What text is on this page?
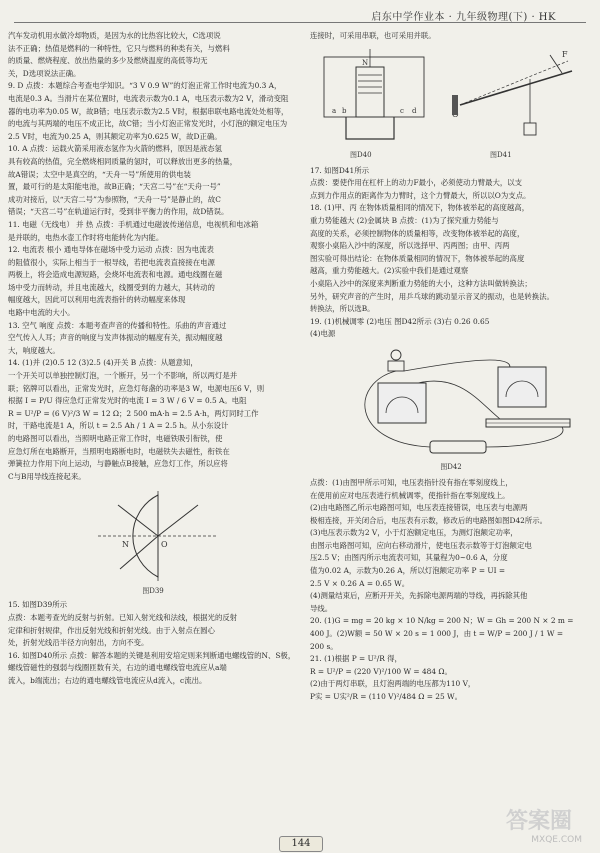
启东中学作业本 · 九年级物理(下) · HK

汽车发动机用水做冷却物质，是因为水的比热容比较大，C选项说

法不正确；热值是燃料的一种特性，它只与燃料的种类有关，与燃料

的质量、燃烧程度、放出热量的多少及燃烧温度的高低等均无

关，D选项说法正确。

9. D 点拨：本题综合考查电学知识。“3 V 0.9 W”的灯泡正常工作时电流为0.3 A，

电流是0.3 A。当滑片在某位置时，电流表示数为0.1 A，电压表示数为2 V，滑动变阻

器的电功率为0.05 W，故B错；电压表示数为2.5 V时，根据串联电路电流处处相等，

的电流与其两端的电压不成正比，故C错；当小灯泡正常发光时，小灯泡的额定电压为

2.5 V时，电流为0.25 A，则其额定功率为0.625 W，故D正确。

10. A 点拨：运载火箭采用液态氢作为火箭的燃料，原因是液态氢

具有较高的热值，完全燃烧相同质量的氢时，可以释放出更多的热量，

故A错误；太空中是真空的，“天舟一号”所使用的供电装

置，最可行的是太阳能电池，故B正确；“天宫二号”在“天舟一号”

成功对接后，以“天宫二号”为参照物，“天舟一号”是静止的，故C

错误；“天宫二号”在轨道运行时，受到非平衡力的作用，故D错误。

11. 电磁（无线电） 并 热 点拨：手机通过电磁波传递信息，电视机和电冰箱

是并联的，电热水壶工作时将电能转化为内能。

12. 电流表 根小 通电导体在磁场中受力运动 点拨：因为电流表

的阻值很小，实际上相当于一根导线，若把电流表直接接在电源

两极上，将会造成电源短路，会烧坏电流表和电源。通电线圈在磁

场中受力而转动，并且电流越大，线圈受到的力越大，其转动的

幅度越大，因此可以利用电流表指针的转动幅度来体现

电路中电流的大小。

13. 空气 响度 点拨：本题考查声音的传播和特性。乐曲的声音通过

空气传入人耳；声音的响度与发声体振动的幅度有关，振动幅度越

大，响度越大。

14. (1)并 (2)0.5 12 (3)2.5 (4)开关 B 点拨：从题意知，

一个开关可以单独控制灯泡，一个断开，另一个不影响，所以两灯是并

联；铭牌可以看出，正常发光时，应急灯每盏的功率是3 W，电源电压6 V，则

根据 I = P/U 得应急灯正常发光时的电流 I = 3 W / 6 V = 0.5 A。电阻

R = U²/P = (6 V)²/3 W = 12 Ω；2 500 mA·h = 2.5 A·h，两灯同时工作

时，干路电流是1 A，所以 t = 2.5 Ah / 1 A = 2.5 h。从小东设计

的电路图可以看出，当照明电路正常工作时，电磁铁吸引衔铁，使

应急灯所在电路断开，当照明电路断电时，电磁铁失去磁性，衔铁在

弹簧拉力作用下向上运动，与静触点B接触，应急灯工作，所以应将

C与B用导线连接起来。

N	O
图D39

15. 如图D39所示

点拨：本题考查光的反射与折射。已知入射光线和法线，根据光的反射

定律和折射规律，作出反射光线和折射光线。由于入射点在圆心

处，折射光线沿半径方向射出，方向不变。

16. 如图D40所示 点拨：解答本题的关键是利用安培定则来判断通电螺线管的N、S极，

螺线管磁性的强弱与线圈匝数有关，右边的通电螺线管电流应从a端

流入，b端流出；右边的通电螺线管电流应从d流入，c流出。

连接时，可采用串联，也可采用并联。

N
a b	c d
F
图D40	图D41

17. 如图D41所示

点拨：要使作用在杠杆上的动力F最小，必须使动力臂最大，以支

点到力作用点的距离作为力臂时，这个力臂最大，所以以O为支点。

18. (1)甲、丙 在物体质量相同的情况下，物体被举起的高度越高，

重力势能越大 (2)金属块 B 点拨：(1)为了探究重力势能与

高度的关系，必须控制物体的质量相等，改变物体被举起的高度，

观察小桌陷入沙中的深度，所以选择甲、丙两图；由甲、丙两

图实验可得出结论：在物体质量相同的情况下，物体被举起的高度

越高，重力势能越大。(2)实验中我们是通过观察

小桌陷入沙中的深度来判断重力势能的大小，这种方法叫做转换法；

另外，研究声音的产生时，用乒乓球的跳动显示音叉的振动，也是转换法。

转换法，所以选B。

19. (1)机械调零 (2)电压 图D42所示 (3)右 0.26 0.65

(4)电源

图D42

点拨：(1)由图甲所示可知，电压表指针没有指在零刻度线上，

在使用前应对电压表进行机械调零，使指针指在零刻度线上。

(2)由电路图乙所示电路图可知，电压表连接错误，电压表与电源两

极相连接，开关闭合后，电压表有示数，修改后的电路图如图D42所示。

(3)电压表示数为2 V，小于灯泡额定电压，为测灯泡额定功率，

由图示电路图可知，应向右移动滑片，使电压表示数等于灯泡额定电

压2.5 V；由图丙所示电流表可知，其量程为0~0.6 A，分度

值为0.02 A，示数为0.26 A，所以灯泡额定功率 P = UI =

2.5 V × 0.26 A = 0.65 W。

(4)测量结束后，应断开开关，先拆除电源两端的导线，再拆除其他

导线。

20. (1)G = mg = 20 kg × 10 N/kg = 200 N；W = Gh = 200 N × 2 m =

400 J。(2)W额 = 50 W × 20 s = 1 000 J，由 t = W/P = 200 J / 1 W =

200 s。

21. (1)根据 P = U²/R 得，

R = U²/P = (220 V)²/100 W = 484 Ω。

(2)由于两灯串联，且灯泡两端的电压都为110 V，

P实 = U实²/R = (110 V)²/484 Ω = 25 W。

144
答案圈
MXQE.COM
